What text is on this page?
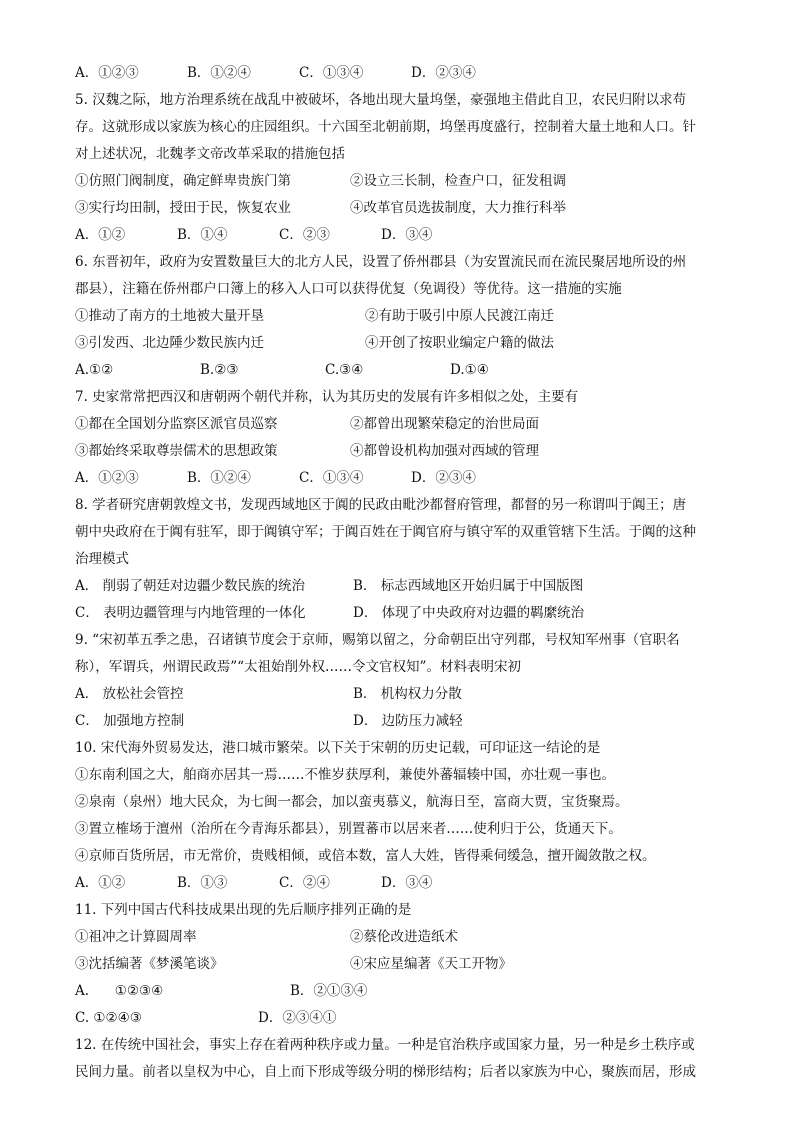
A．①②③	B．①②④	C．①③④	D．②③④
5. 汉魏之际，地方治理系统在战乱中被破坏，各地出现大量坞堡，豪强地主借此自卫，农民归附以求苟
存。这就形成以家族为核心的庄园组织。十六国至北朝前期，坞堡再度盛行，控制着大量土地和人口。针
对上述状况，北魏孝文帝改革采取的措施包括
①仿照门阀制度，确定鲜卑贵族门第	②设立三长制，检查户口，征发租调
③实行均田制，授田于民，恢复农业	④改革官员选拔制度，大力推行科举
A．①②	B．①④	C．②③	D．③④
6. 东晋初年，政府为安置数量巨大的北方人民，设置了侨州郡县（为安置流民而在流民聚居地所设的州
郡县），注籍在侨州郡户口簿上的移入人口可以获得优复（免调役）等优待。这一措施的实施
①推动了南方的土地被大量开垦	②有助于吸引中原人民渡江南迁
③引发西、北边陲少数民族内迁	④开创了按职业编定户籍的做法
A.①②	B.②③	C.③④	D.①④
7. 史家常常把西汉和唐朝两个朝代并称，认为其历史的发展有许多相似之处，主要有
①都在全国划分监察区派官员巡察	②都曾出现繁荣稳定的治世局面
③都始终采取尊崇儒术的思想政策	④都曾设机构加强对西域的管理
A．①②③	B．①②④	C．①③④	D．②③④
8. 学者研究唐朝敦煌文书，发现西域地区于阗的民政由毗沙都督府管理，都督的另一称谓叫于阗王；唐
朝中央政府在于阗有驻军，即于阗镇守军；于阗百姓在于阗官府与镇守军的双重管辖下生活。于阗的这种
治理模式
A． 削弱了朝廷对边疆少数民族的统治	B． 标志西域地区开始归属于中国版图
C． 表明边疆管理与内地管理的一体化	D． 体现了中央政府对边疆的羁縻统治
9. “宋初革五季之患，召诸镇节度会于京师，赐第以留之，分命朝臣出守列郡，号权知军州事（官职名
称），军谓兵，州谓民政焉”“太祖始削外权……令文官权知”。材料表明宋初
A． 放松社会管控	B． 机构权力分散
C． 加强地方控制	D． 边防压力减轻
10. 宋代海外贸易发达，港口城市繁荣。以下关于宋朝的历史记载，可印证这一结论的是
①东南利国之大，舶商亦居其一焉……不惟岁获厚利，兼使外蕃辐辏中国，亦壮观一事也。
②泉南（泉州）地大民众，为七闽一都会，加以蛮夷慕义，航海日至，富商大贾，宝货聚焉。
③置立榷场于澶州（治所在今青海乐都县），别置蕃市以居来者……使利归于公，货通天下。
④京师百货所居，市无常价，贵贱相倾，或倍本数，富人大姓，皆得乘伺缓急，擅开阖敛散之权。
A．①②	B．①③	C．②④	D．③④
11. 下列中国古代科技成果出现的先后顺序排列正确的是
①祖冲之计算圆周率	②蔡伦改进造纸术
③沈括编著《梦溪笔谈》	④宋应星编著《天工开物》
A.      ①②③④	B．②①③④
C. ①②④③	D．②③④①
12. 在传统中国社会，事实上存在着两种秩序或力量。一种是官治秩序或国家力量，另一种是乡土秩序或
民间力量。前者以皇权为中心，自上而下形成等级分明的梯形结构；后者以家族为中心，聚族而居，形成
